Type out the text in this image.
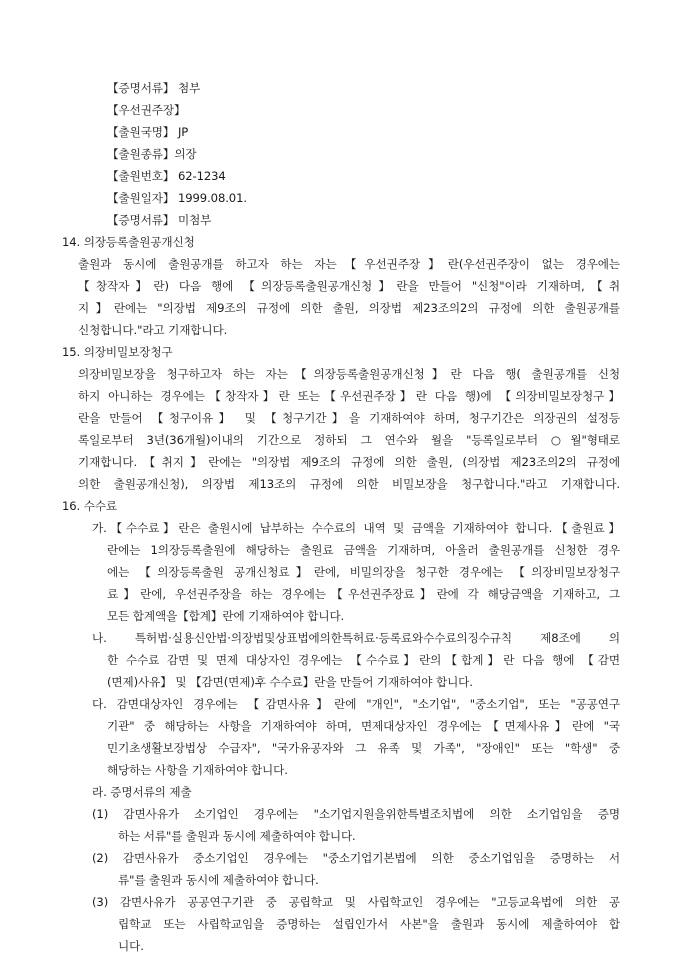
【증명서류】 첨부
【우선권주장】
【출원국명】 JP
【출원종류】의장
【출원번호】 62-1234
【출원일자】 1999.08.01.
【증명서류】 미첨부
14. 의장등록출원공개신청
출원과 동시에 출원공개를 하고자 하는 자는【우선권주장】란(우선권주장이 없는 경우에는
【창작자】란) 다음 행에 【의장등록출원공개신청】란을 만들어 "신청"이라 기재하며,【취
지】란에는 "의장법 제9조의 규정에 의한 출원, 의장법 제23조의2의 규정에 의한 출원공개를
신청합니다."라고 기재합니다.
15. 의장비밀보장청구
의장비밀보장을 청구하고자 하는 자는【의장등록출원공개신청】란 다음 행( 출원공개를 신청
하지 아니하는 경우에는【창작자】란 또는【우선권주장】란 다음 행)에 【의장비밀보장청구】
란을 만들어 【청구이유】 및 【청구기간】을 기재하여야 하며, 청구기간은 의장권의 설정등
록일로부터 3년(36개월)이내의 기간으로 정하되 그 연수와 월을 "등록일로부터 ○월"형태로
기재합니다.【취지】란에는 "의장법 제9조의 규정에 의한 출원, (의장법 제23조의2의 규정에
의한 출원공개신청), 의장법 제13조의 규정에 의한 비밀보장을 청구합니다."라고 기재합니다.
16. 수수료
가.【수수료】란은 출원시에 납부하는 수수료의 내역 및 금액을 기재하여야 합니다.【출원료】
란에는 1의장등록출원에 해당하는 출원료 금액을 기재하며, 아울러 출원공개를 신청한 경우
에는 【의장등록출원 공개신청료】란에, 비밀의장을 청구한 경우에는 【의장비밀보장청구
료】란에, 우선권주장을 하는 경우에는【우선권주장료】란에 각 해당금액을 기재하고, 그
모든 합계액을【합계】란에 기재하여야 합니다.
나. 특허법·실용신안법·의장법및상표법에의한특허료·등록료와수수료의징수규칙 제8조에 의
한 수수료 감면 및 면제 대상자인 경우에는 【수수료】란의【합계】란 다음 행에 【감면
(면제)사유】 및 【감면(면제)후 수수료】란을 만들어 기재하여야 합니다.
다. 감면대상자인 경우에는 【감면사유】란에 "개인", "소기업", "중소기업", 또는 "공공연구
기관" 중 해당하는 사항을 기재하여야 하며, 면제대상자인 경우에는【면제사유】란에 "국
민기초생활보장법상 수급자", "국가유공자와 그 유족 및 가족", "장애인" 또는 "학생" 중
해당하는 사항을 기재하여야 합니다.
라. 증명서류의 제출
(1) 감면사유가 소기업인 경우에는 "소기업지원을위한특별조치법에 의한 소기업임을 증명
하는 서류"를 출원과 동시에 제출하여야 합니다.
(2) 감면사유가 중소기업인 경우에는 "중소기업기본법에 의한 중소기업임을 증명하는 서
류"를 출원과 동시에 제출하여야 합니다.
(3) 감면사유가 공공연구기관 중 공립학교 및 사립학교인 경우에는 "고등교육법에 의한 공
립학교 또는 사립학교임을 증명하는 설립인가서 사본"을 출원과 동시에 제출하여야 합
니다.
